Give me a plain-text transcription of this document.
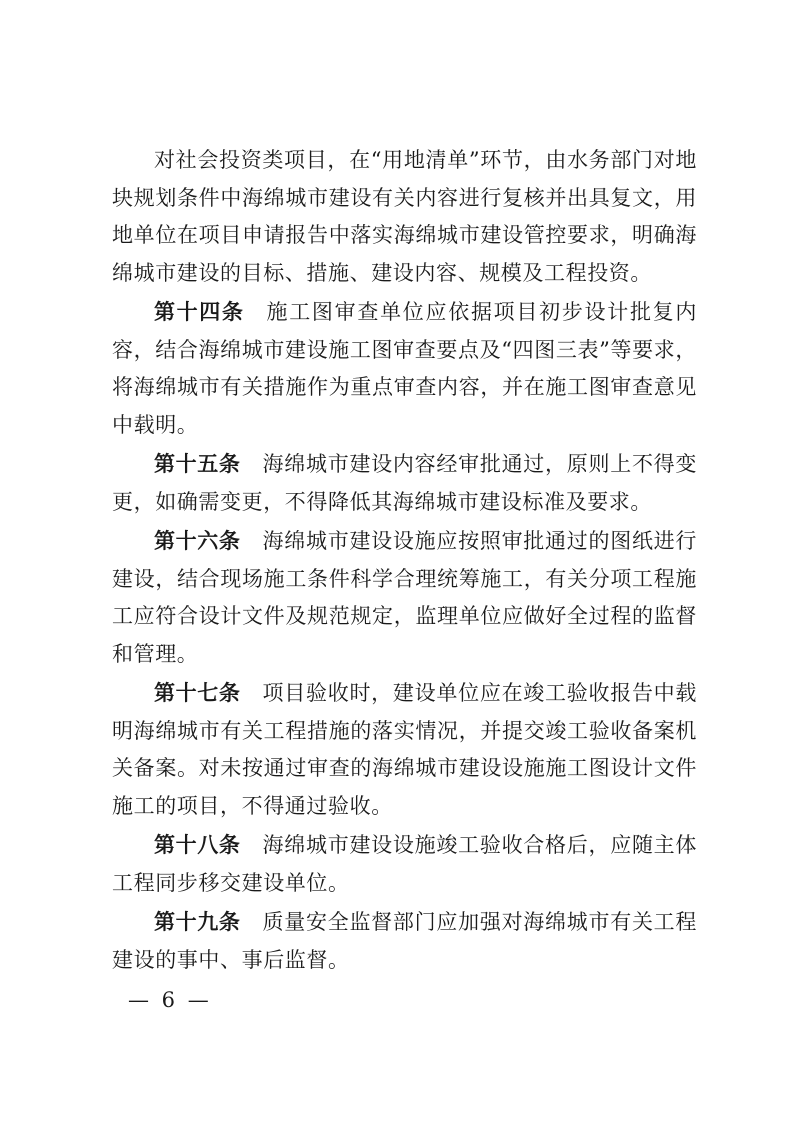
对社会投资类项目，在“用地清单”环节，由水务部门对地块规划条件中海绵城市建设有关内容进行复核并出具复文，用地单位在项目申请报告中落实海绵城市建设管控要求，明确海绵城市建设的目标、措施、建设内容、规模及工程投资。

第十四条 施工图审查单位应依据项目初步设计批复内容，结合海绵城市建设施工图审查要点及“四图三表”等要求，将海绵城市有关措施作为重点审查内容，并在施工图审查意见中载明。

第十五条 海绵城市建设内容经审批通过，原则上不得变更，如确需变更，不得降低其海绵城市建设标准及要求。

第十六条 海绵城市建设设施应按照审批通过的图纸进行建设，结合现场施工条件科学合理统筹施工，有关分项工程施工应符合设计文件及规范规定，监理单位应做好全过程的监督和管理。

第十七条 项目验收时，建设单位应在竣工验收报告中载明海绵城市有关工程措施的落实情况，并提交竣工验收备案机关备案。对未按通过审查的海绵城市建设设施施工图设计文件施工的项目，不得通过验收。

第十八条 海绵城市建设设施竣工验收合格后，应随主体工程同步移交建设单位。

第十九条 质量安全监督部门应加强对海绵城市有关工程建设的事中、事后监督。

— 6 —
